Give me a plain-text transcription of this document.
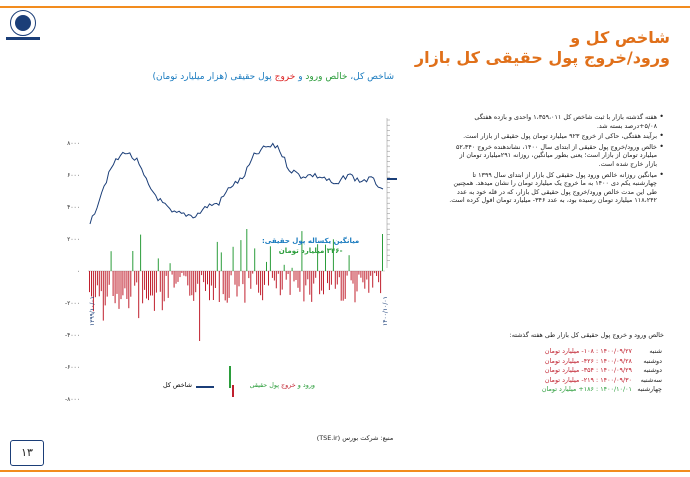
شاخص کل و
ورود/خروج پول حقیقی کل بازار
شاخص کل، خالص ورود و خروج پول حقیقی (هزار میلیارد تومان)
۸۰۰۰
۶۰۰۰
۴۰۰۰
۲۰۰۰
۰
-۲۰۰۰
-۴۰۰۰
-۶۰۰۰
-۸۰۰۰
۱۳۹۹/۱۰/۰۱	۱۴۰۰/۱۰/۰۱
میانگین یکساله پول حقیقی:
-۳۴۶ میلیارد تومان
شاخص کل	ورود و خروج پول حقیقی
• هفته گذشته بازار با ثبت شاخص کل ۱،۳۵۹،۰۱۱ واحدی و بازده هفتگی ۵/۰۸+درصد بسته شد.
• برآیند هفتگی، حاکی از خروج ۹۲۳ میلیارد تومان پول حقیقی از بازار است.
• خالص ورود/خروج پول حقیقی از ابتدای سال ۱۴۰۰، نشاندهنده خروج ۵۲،۳۴۰ میلیارد تومان از بازار است؛ یعنی بطور میانگین، روزانه ۲۹۱میلیارد تومان از بازار خارج شده است.
• میانگین روزانه خالص ورود پول حقیقی کل بازار از ابتدای سال ۱۳۹۹ تا چهارشنبه یکم دی ۱۴۰۰ به ما خروج یک میلیارد تومان را نشان میدهد. همچنین طی این مدت خالص ورود/خروج پول حقیقی کل بازار، که در قله خود به عدد ۱۱۸،۲۴۲ میلیارد تومان رسیده بود، به عدد ۳۴۶- میلیارد تومان افول کرده است.
خالص ورود و خروج پول حقیقی کل بازار طی هفته گذشته:
شنبه
۱۴۰۰/۰۹/۲۷ : ۱۰۸- میلیارد تومان
دوشنبه
۱۴۰۰/۰۹/۲۸ : ۴۲۶- میلیارد تومان
دوشنبه
۱۴۰۰/۰۹/۲۹ : ۳۵۴- میلیارد تومان
سه‌شنبه
۱۴۰۰/۰۹/۳۰ : ۲۱۹- میلیارد تومان
چهارشنبه
۱۴۰۰/۱۰/۰۱ : ۱۸۶+ میلیارد تومان
منبع: شرکت بورس (TSE.ir)
۱۳
